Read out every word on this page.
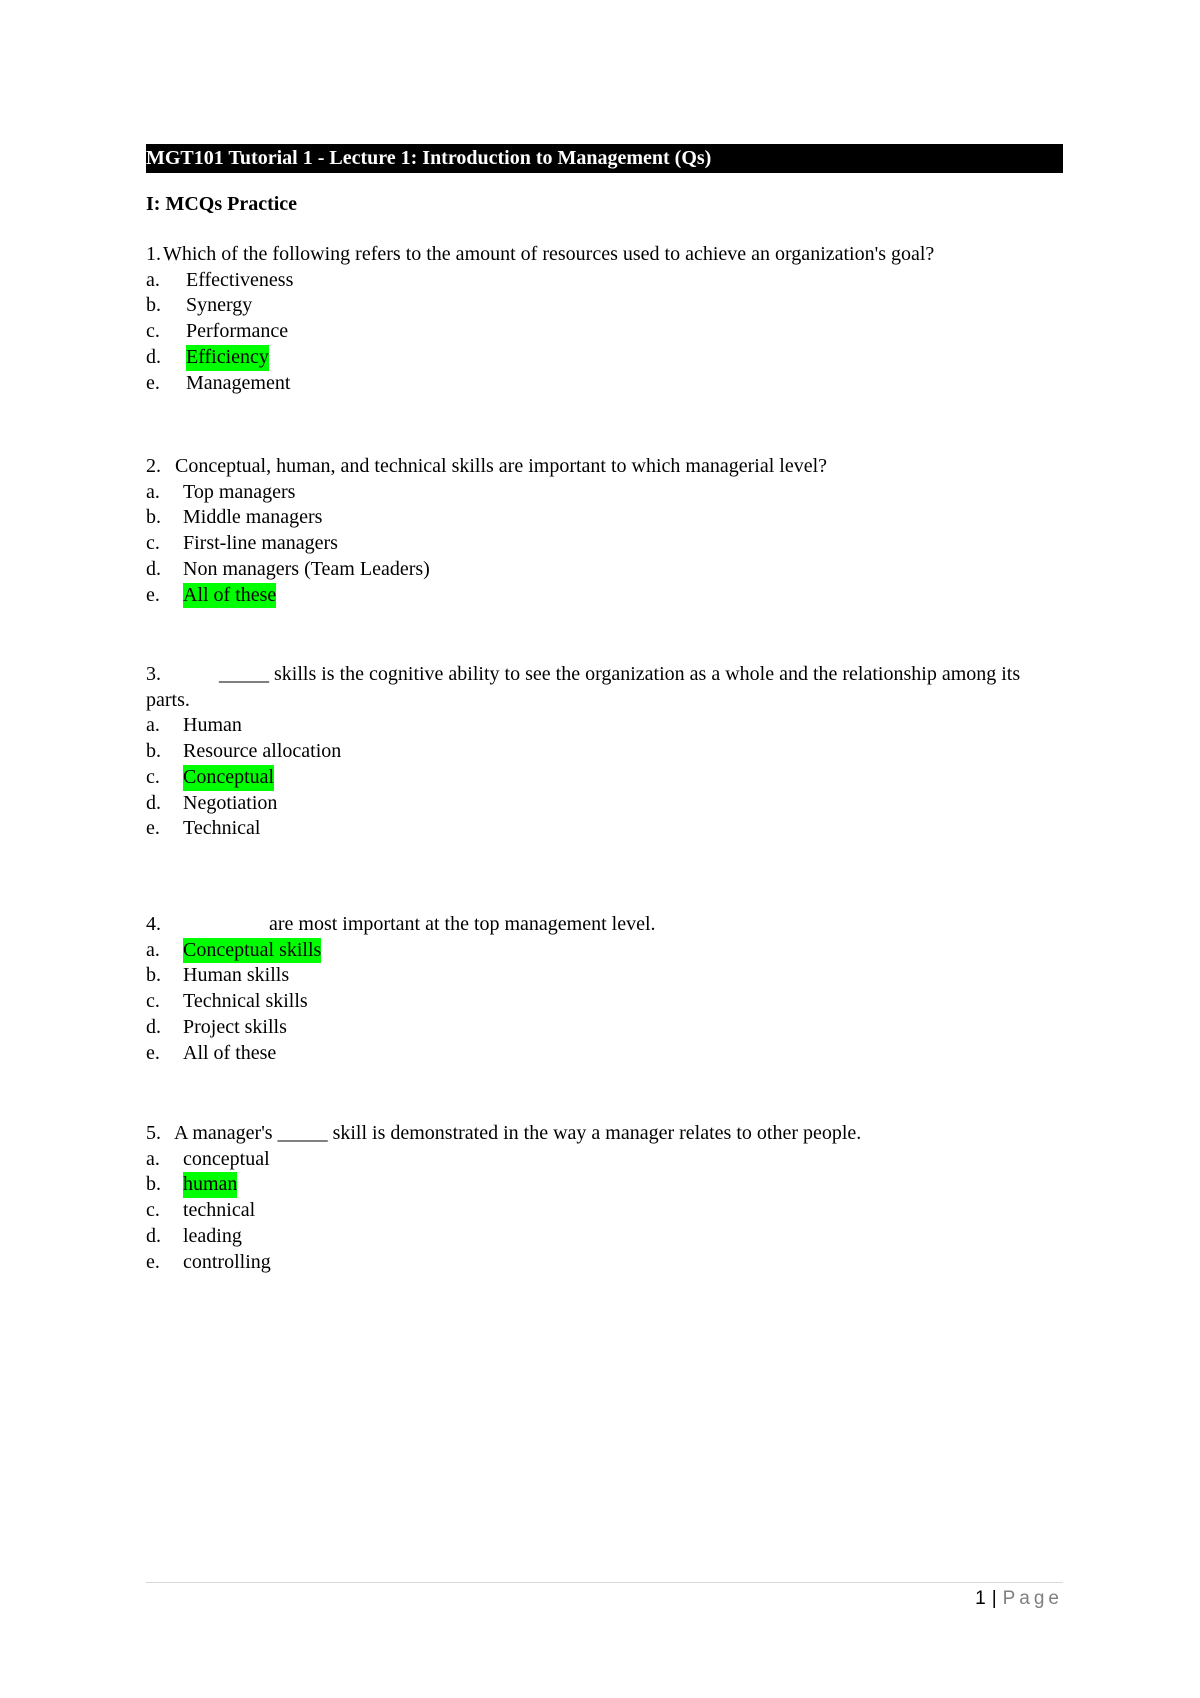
MGT101 Tutorial 1 - Lecture 1: Introduction to Management (Qs)
I: MCQs Practice
1. Which of the following refers to the amount of resources used to achieve an organization's goal?
a.	Effectiveness
b.	Synergy
c.	Performance
d.	Efficiency
e.	Management
2. Conceptual, human, and technical skills are important to which managerial level?
a.	Top managers
b.	Middle managers
c.	First-line managers
d.	Non managers (Team Leaders)
e.	All of these
3.	_____ skills is the cognitive ability to see the organization as a whole and the relationship among its parts.
a.	Human
b.	Resource allocation
c.	Conceptual
d.	Negotiation
e.	Technical
4.	are most important at the top management level.
a.	Conceptual skills
b.	Human skills
c.	Technical skills
d.	Project skills
e.	All of these
5. A manager's _____ skill is demonstrated in the way a manager relates to other people.
a.	conceptual
b.	human
c.	technical
d.	leading
e.	controlling
1 | Page
